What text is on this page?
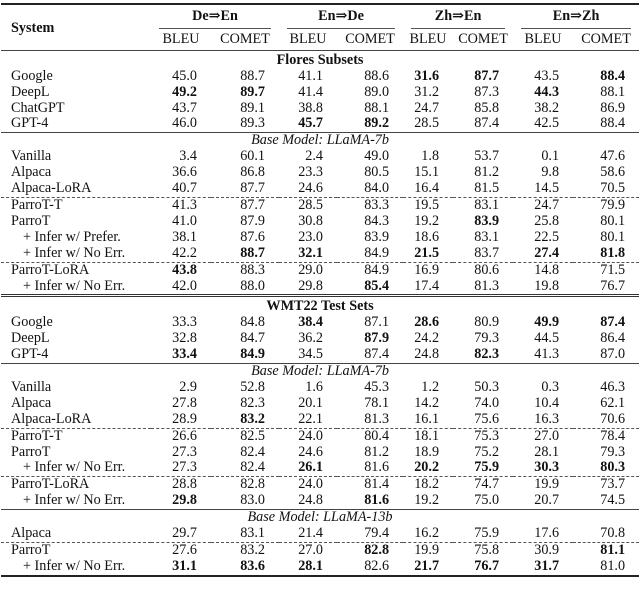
System	De⇒En		En⇒De		Zh⇒En		En⇒Zh	

	BLEU	COMET	BLEU	COMET	BLEU	COMET	BLEU	COMET
Flores Subsets								
Google	45.0	88.7	41.1	88.6	31.6	87.7	43.5	88.4
DeepL	49.2	89.7	41.4	89.0	31.2	87.3	44.3	88.1
ChatGPT	43.7	89.1	38.8	88.1	24.7	85.8	38.2	86.9
GPT-4	46.0	89.3	45.7	89.2	28.5	87.4	42.5	88.4
Base Model: LLaMA-7b								
Vanilla	3.4	60.1	2.4	49.0	1.8	53.7	0.1	47.6
Alpaca	36.6	86.8	23.3	80.5	15.1	81.2	9.8	58.6
Alpaca-LoRA	40.7	87.7	24.6	84.0	16.4	81.5	14.5	70.5
ParroT-T	41.3	87.7	28.5	83.3	19.5	83.1	24.7	79.9
ParroT	41.0	87.9	30.8	84.3	19.2	83.9	25.8	80.1
+ Infer w/ Prefer.	38.1	87.6	23.0	83.9	18.6	83.1	22.5	80.1
+ Infer w/ No Err.	42.2	88.7	32.1	84.9	21.5	83.7	27.4	81.8
ParroT-LoRA	43.8	88.3	29.0	84.9	16.9	80.6	14.8	71.5
+ Infer w/ No Err.	42.0	88.0	29.8	85.4	17.4	81.3	19.8	76.7
WMT22 Test Sets								
Google	33.3	84.8	38.4	87.1	28.6	80.9	49.9	87.4
DeepL	32.8	84.7	36.2	87.9	24.2	79.3	44.5	86.4
GPT-4	33.4	84.9	34.5	87.4	24.8	82.3	41.3	87.0
Base Model: LLaMA-7b								
Vanilla	2.9	52.8	1.6	45.3	1.2	50.3	0.3	46.3
Alpaca	27.8	82.3	20.1	78.1	14.2	74.0	10.4	62.1
Alpaca-LoRA	28.9	83.2	22.1	81.3	16.1	75.6	16.3	70.6
ParroT-T	26.6	82.5	24.0	80.4	18.1	75.3	27.0	78.4
ParroT	27.3	82.4	24.6	81.2	18.9	75.2	28.1	79.3
+ Infer w/ No Err.	27.3	82.4	26.1	81.6	20.2	75.9	30.3	80.3
ParroT-LoRA	28.8	82.8	24.0	81.4	18.2	74.7	19.9	73.7
+ Infer w/ No Err.	29.8	83.0	24.8	81.6	19.2	75.0	20.7	74.5
Base Model: LLaMA-13b								
Alpaca	29.7	83.1	21.4	79.4	16.2	75.9	17.6	70.8
ParroT	27.6	83.2	27.0	82.8	19.9	75.8	30.9	81.1
+ Infer w/ No Err.	31.1	83.6	28.1	82.6	21.7	76.7	31.7	81.0
